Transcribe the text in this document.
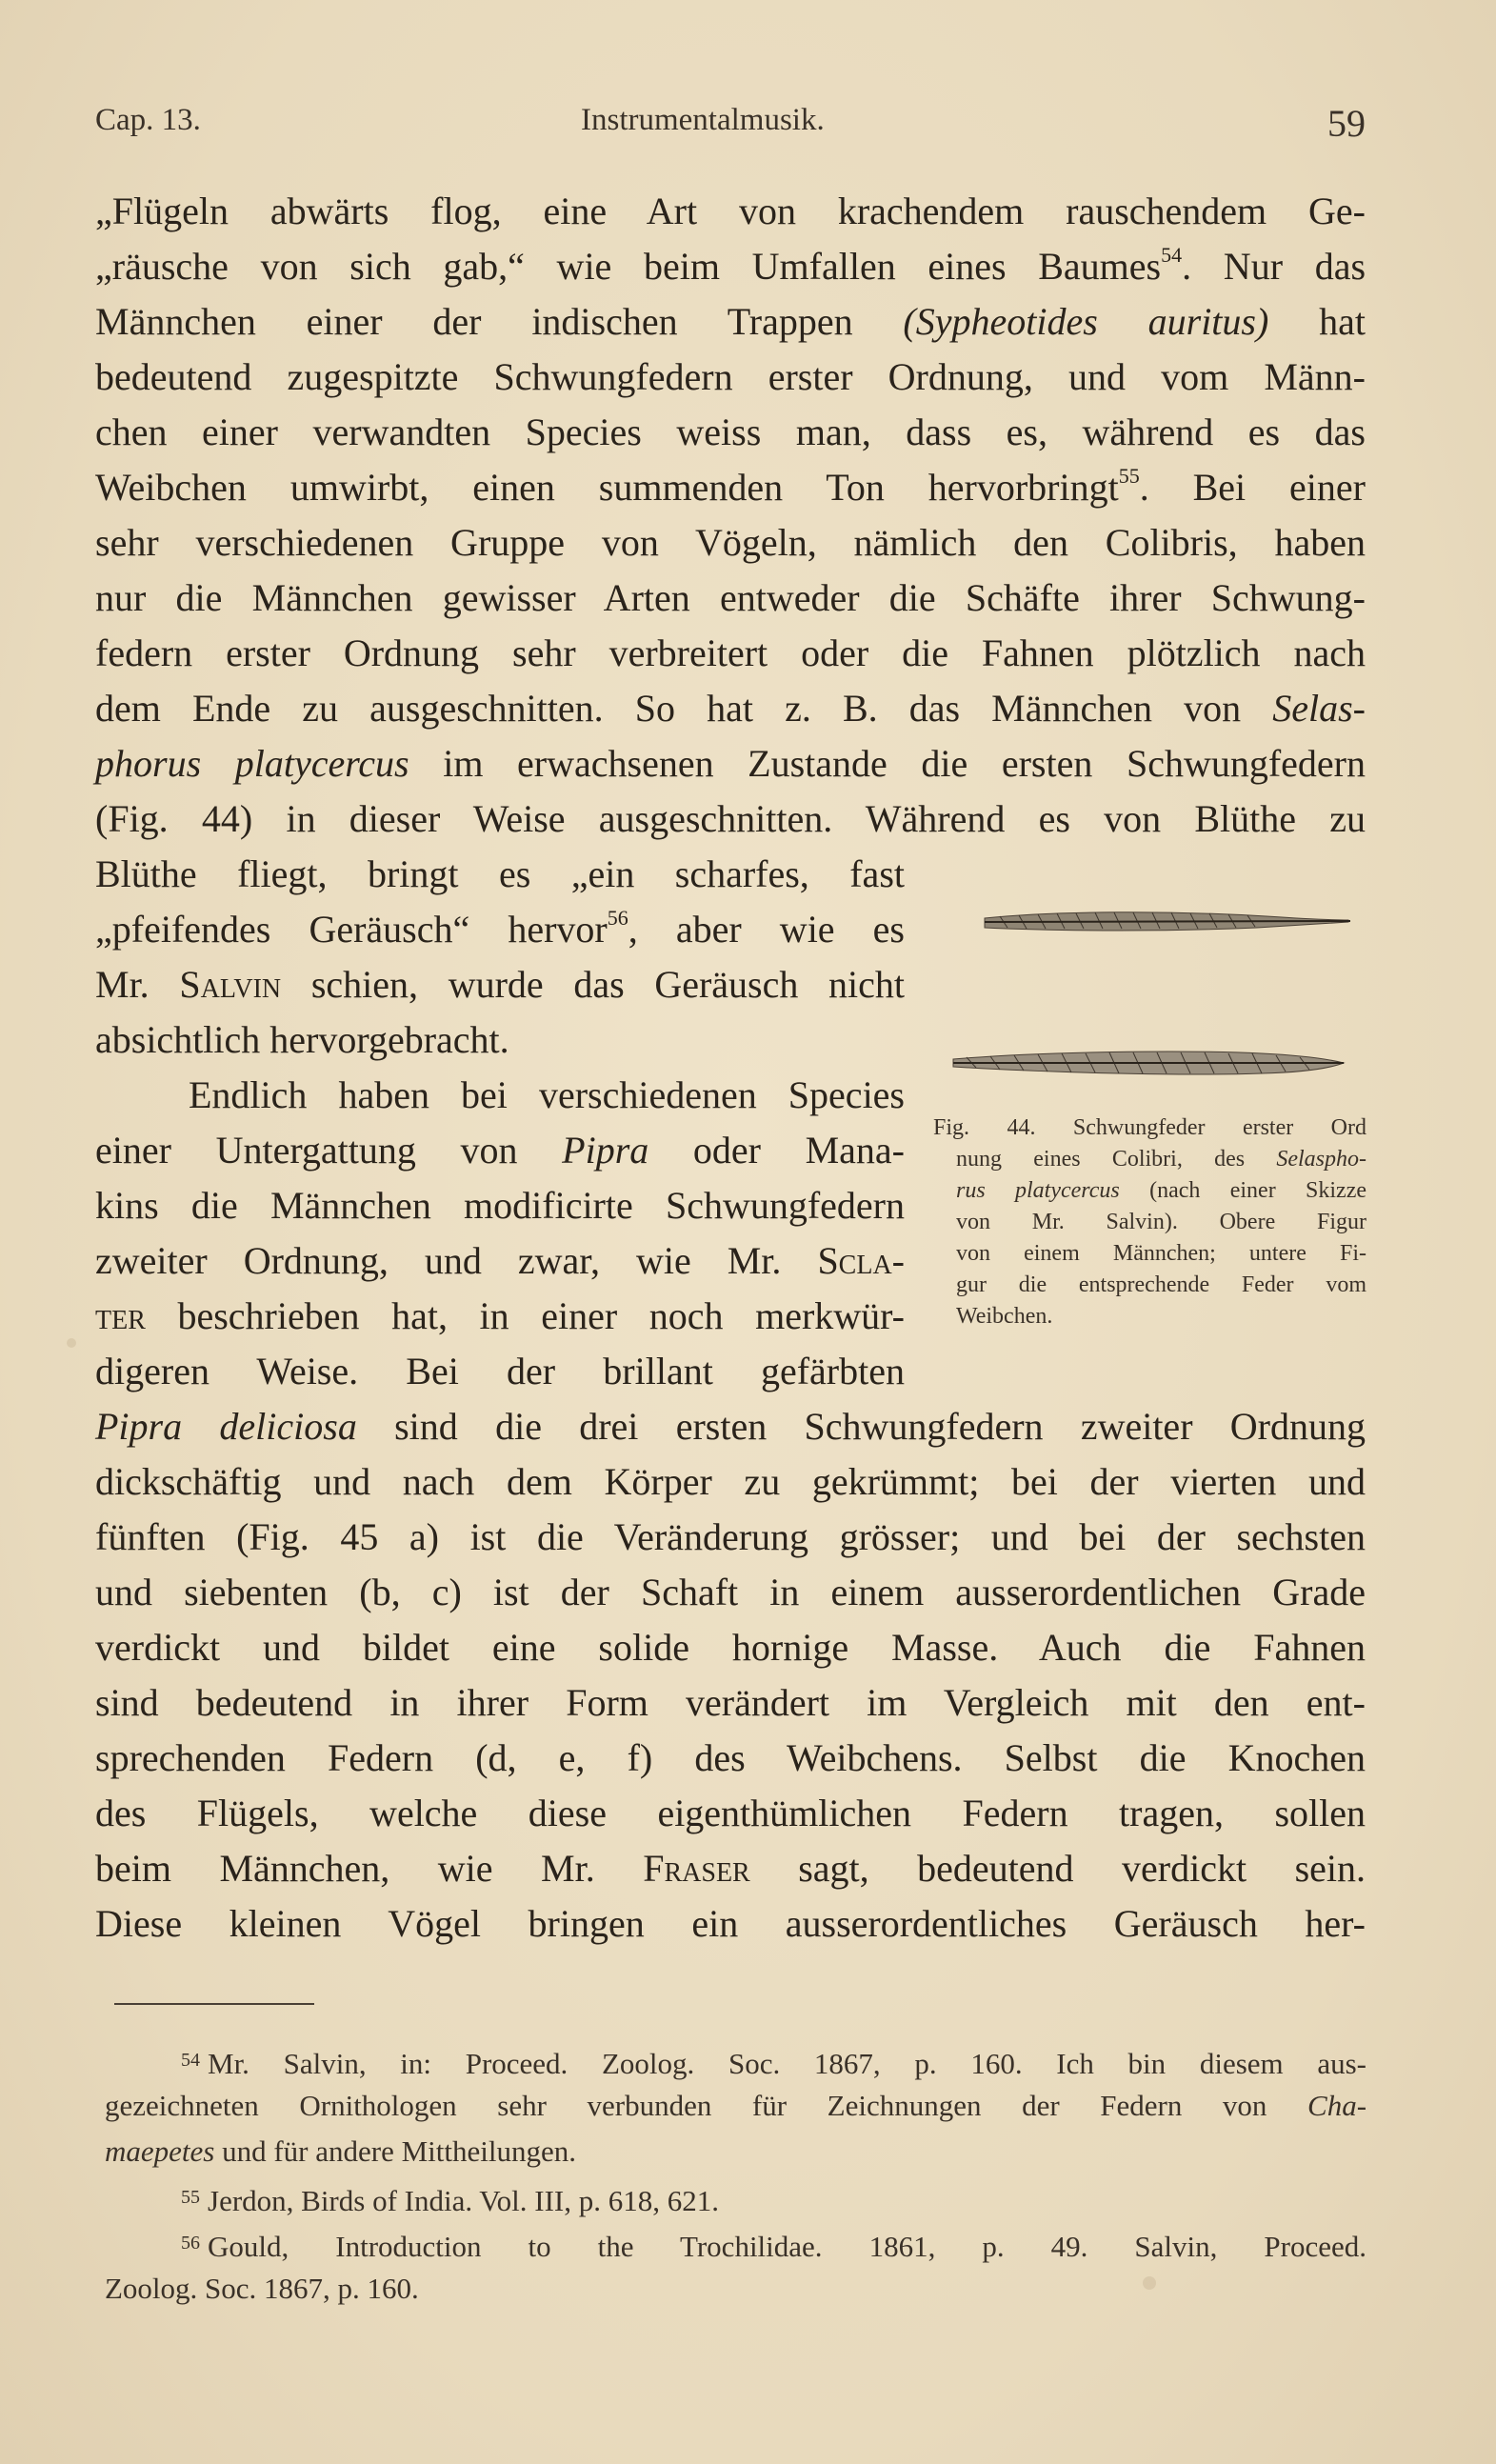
Cap. 13.	Instrumentalmusik.	59
„Flügeln abwärts flog, eine Art von krachendem rauschendem Ge-
„räusche von sich gab,“ wie beim Umfallen eines Baumes$^{54}$. Nur das
Männchen einer der indischen Trappen (Sypheotides auritus) hat
bedeutend zugespitzte Schwungfedern erster Ordnung, und vom Männ-
chen einer verwandten Species weiss man, dass es, während es das
Weibchen umwirbt, einen summenden Ton hervorbringt$^{55}$. Bei einer
sehr verschiedenen Gruppe von Vögeln, nämlich den Colibris, haben
nur die Männchen gewisser Arten entweder die Schäfte ihrer Schwung-
federn erster Ordnung sehr verbreitert oder die Fahnen plötzlich nach
dem Ende zu ausgeschnitten. So hat z. B. das Männchen von Selas-
phorus platycercus im erwachsenen Zustande die ersten Schwungfedern
(Fig. 44) in dieser Weise ausgeschnitten. Während es von Blüthe zu
Blüthe fliegt, bringt es „ein scharfes, fast
„pfeifendes Geräusch“ hervor$^{56}$, aber wie es
Mr. Salvin schien, wurde das Geräusch nicht
absichtlich hervorgebracht.
Endlich haben bei verschiedenen Species
einer Untergattung von Pipra oder Mana-
kins die Männchen modificirte Schwungfedern
zweiter Ordnung, und zwar, wie Mr. Scla-
ter beschrieben hat, in einer noch merkwür-
digeren Weise. Bei der brillant gefärbten
Pipra deliciosa sind die drei ersten Schwungfedern zweiter Ordnung
dickschäftig und nach dem Körper zu gekrümmt; bei der vierten und
fünften (Fig. 45 a) ist die Veränderung grösser; und bei der sechsten
und siebenten (b, c) ist der Schaft in einem ausserordentlichen Grade
verdickt und bildet eine solide hornige Masse. Auch die Fahnen
sind bedeutend in ihrer Form verändert im Vergleich mit den ent-
sprechenden Federn (d, e, f) des Weibchens. Selbst die Knochen
des Flügels, welche diese eigenthümlichen Federn tragen, sollen
beim Männchen, wie Mr. Fraser sagt, bedeutend verdickt sein.
Diese kleinen Vögel bringen ein ausserordentliches Geräusch her-
Fig. 44. Schwungfeder erster Ord
nung eines Colibri, des Selaspho-
rus platycercus (nach einer Skizze
von Mr. Salvin). Obere Figur
von einem Männchen; untere Fi-
gur die entsprechende Feder vom
Weibchen.
$^{54}$ Mr. Salvin, in: Proceed. Zoolog. Soc. 1867, p. 160. Ich bin diesem aus-
gezeichneten Ornithologen sehr verbunden für Zeichnungen der Federn von Cha-
maepetes und für andere Mittheilungen.
$^{55}$ Jerdon, Birds of India. Vol. III, p. 618, 621.
$^{56}$ Gould, Introduction to the Trochilidae. 1861, p. 49. Salvin, Proceed.
Zoolog. Soc. 1867, p. 160.
